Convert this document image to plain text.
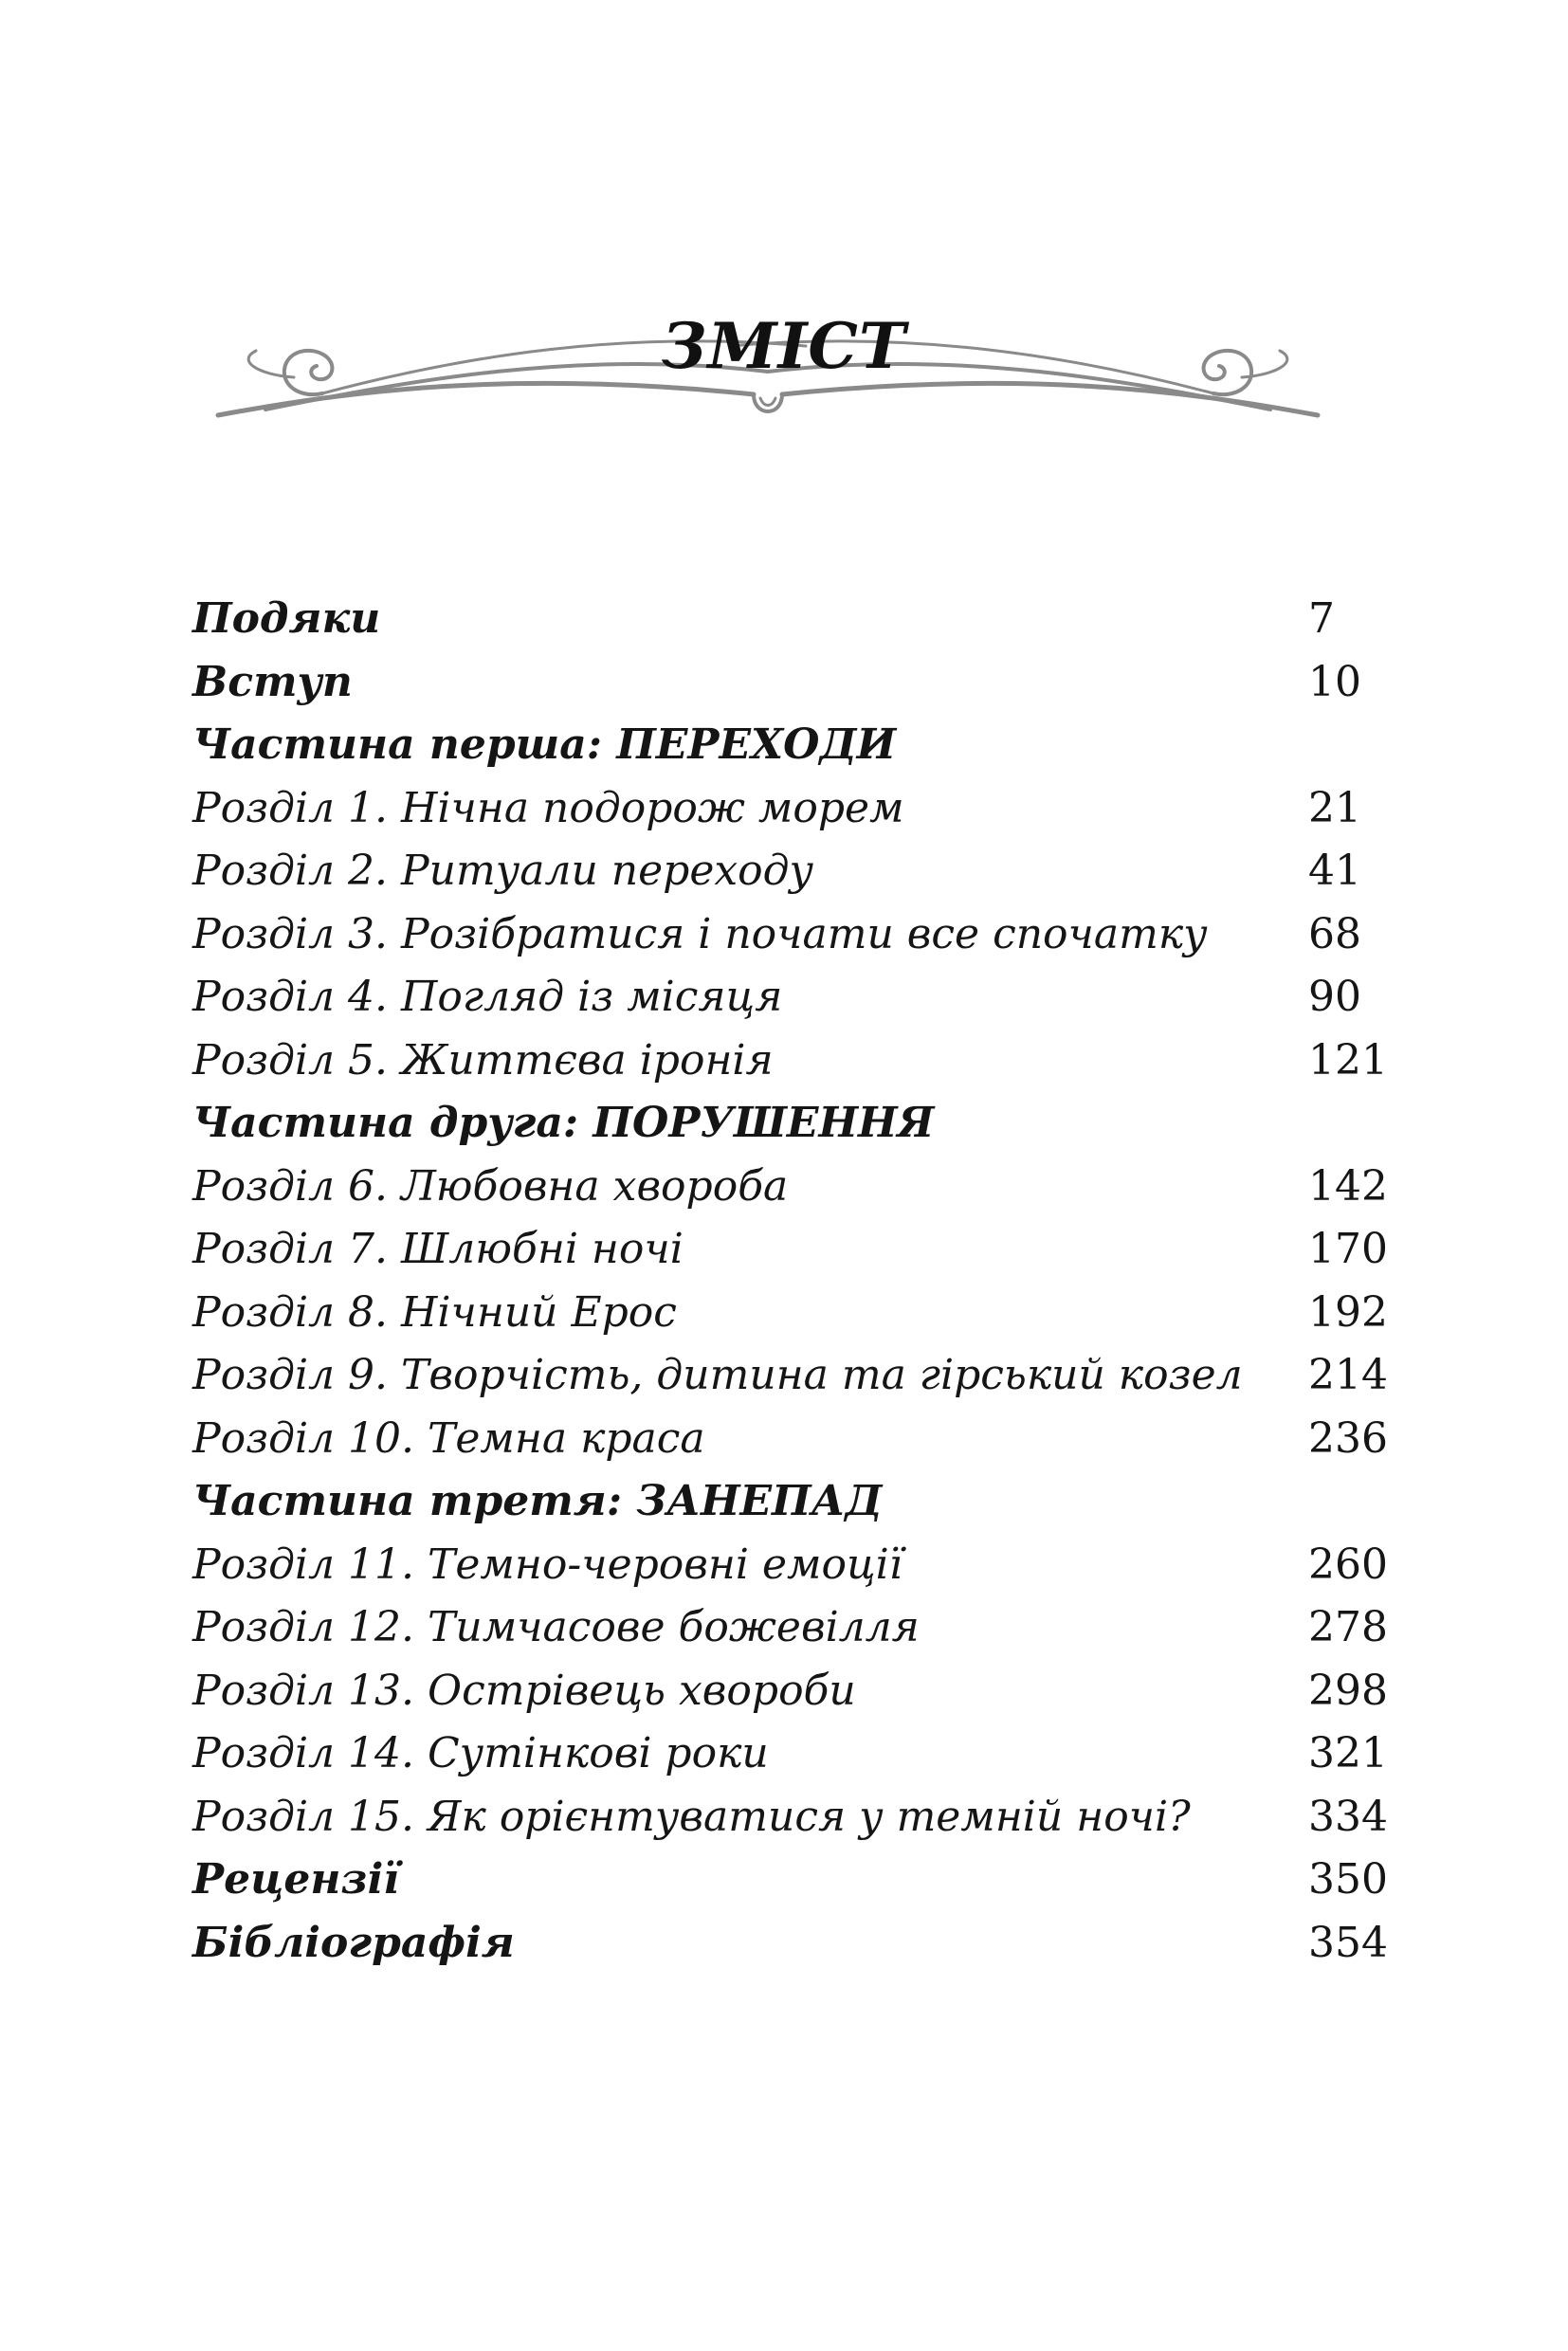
ЗМІСТ
Подяки	7
Вступ	10
Частина перша: ПЕРЕХОДИ
Розділ 1. Нічна подорож морем	21
Розділ 2. Ритуали переходу	41
Розділ 3. Розібратися і почати все спочатку 68
Розділ 4. Погляд із місяця	90
Розділ 5. Життєва іронія	121
Частина друга: ПОРУШЕННЯ
Розділ 6. Любовна хвороба	142
Розділ 7. Шлюбні ночі	170
Розділ 8. Нічний Ерос	192
Розділ 9. Творчість, дитина та гірський козел 214
Розділ 10. Темна краса	236
Частина третя: ЗАНЕПАД
Розділ 11. Темно-черовні емоції	260
Розділ 12. Тимчасове божевілля	278
Розділ 13. Острівець хвороби	298
Розділ 14. Сутінкові роки	321
Розділ 15. Як орієнтуватися у темній ночі?	334
Рецензії	350
Бібліографія	354
